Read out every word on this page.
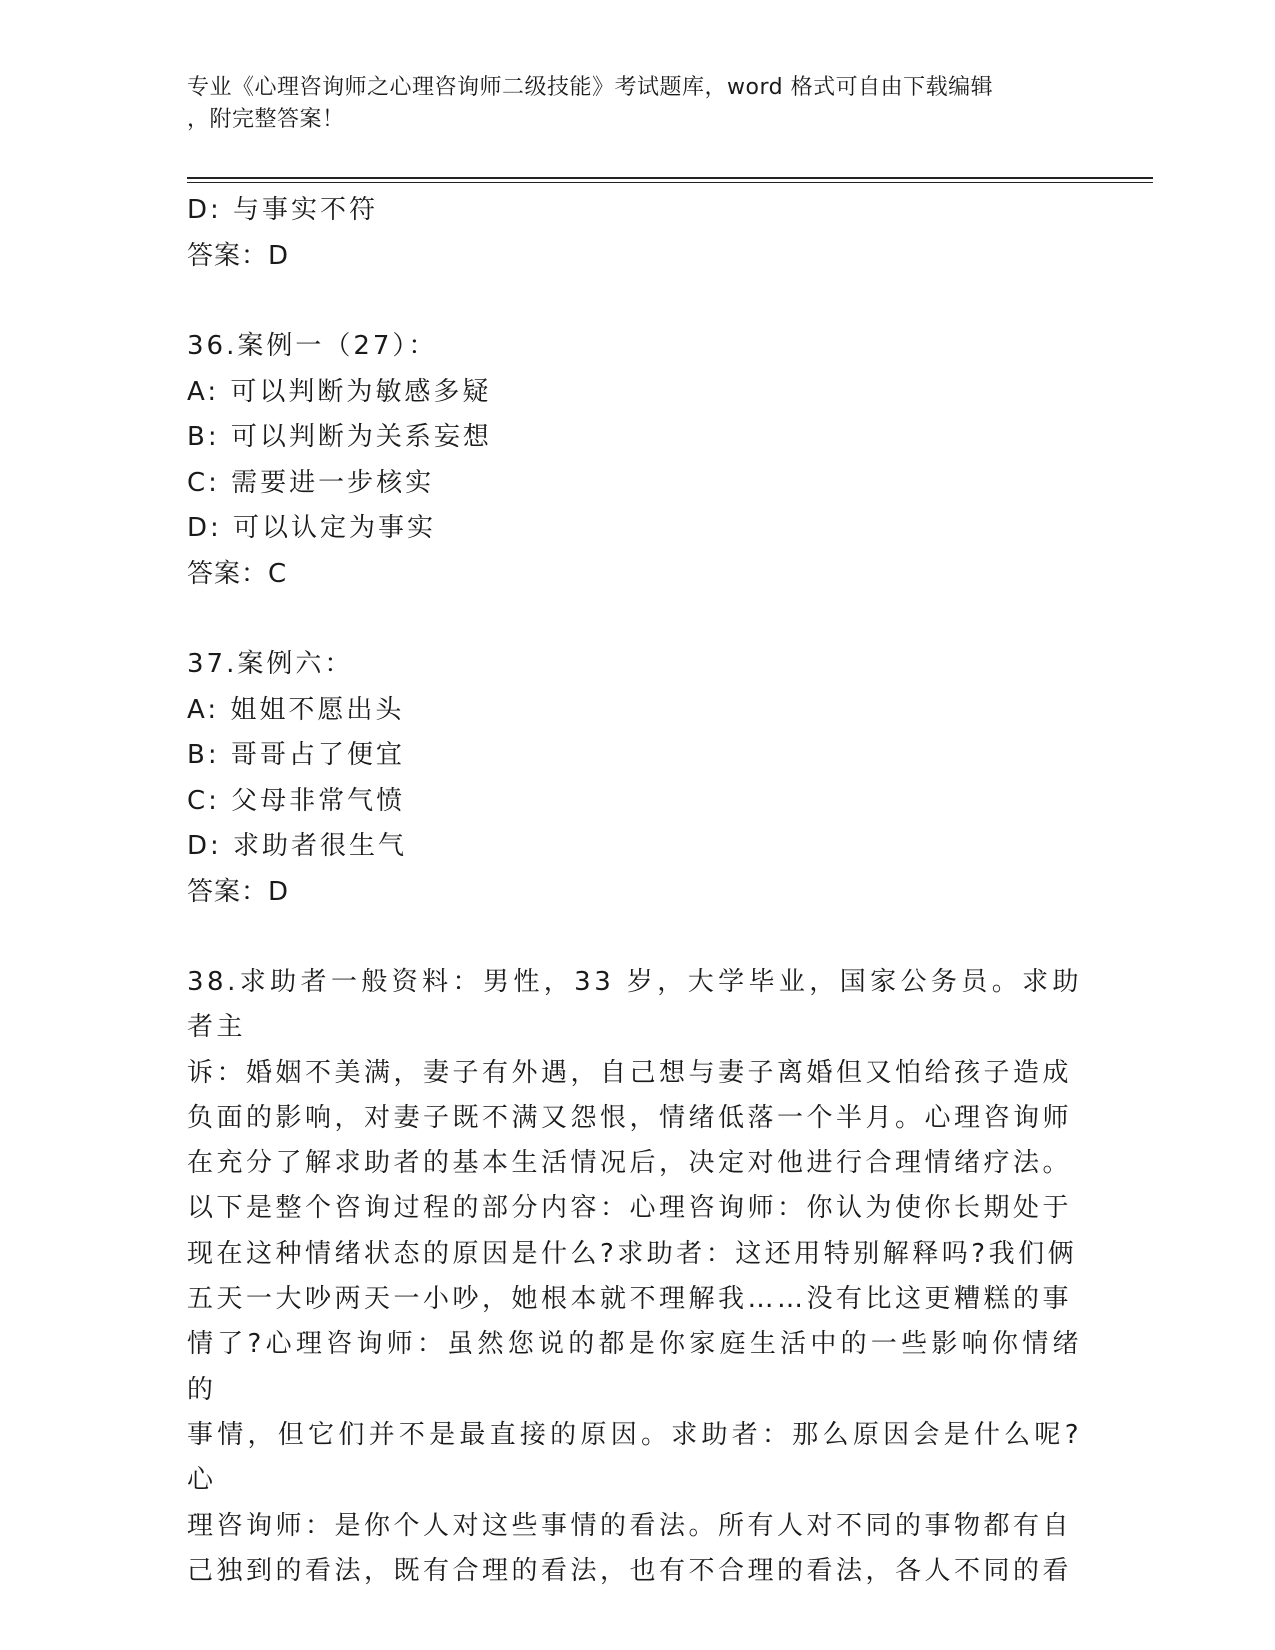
专业《心理咨询师之心理咨询师二级技能》考试题库，word 格式可自由下载编辑
，附完整答案！
D: 与事实不符
答案：D
36.案例一（27）：
A: 可以判断为敏感多疑
B: 可以判断为关系妄想
C: 需要进一步核实
D: 可以认定为事实
答案：C
37.案例六：
A: 姐姐不愿出头
B: 哥哥占了便宜
C: 父母非常气愤
D: 求助者很生气
答案：D
38.求助者一般资料：男性，33 岁，大学毕业，国家公务员。求助者主
诉：婚姻不美满，妻子有外遇，自己想与妻子离婚但又怕给孩子造成
负面的影响，对妻子既不满又怨恨，情绪低落一个半月。心理咨询师
在充分了解求助者的基本生活情况后，决定对他进行合理情绪疗法。
以下是整个咨询过程的部分内容：心理咨询师：你认为使你长期处于
现在这种情绪状态的原因是什么?求助者：这还用特别解释吗?我们俩
五天一大吵两天一小吵，她根本就不理解我……没有比这更糟糕的事
情了?心理咨询师：虽然您说的都是你家庭生活中的一些影响你情绪的
事情，但它们并不是最直接的原因。求助者：那么原因会是什么呢?心
理咨询师：是你个人对这些事情的看法。所有人对不同的事物都有自
己独到的看法，既有合理的看法，也有不合理的看法，各人不同的看
